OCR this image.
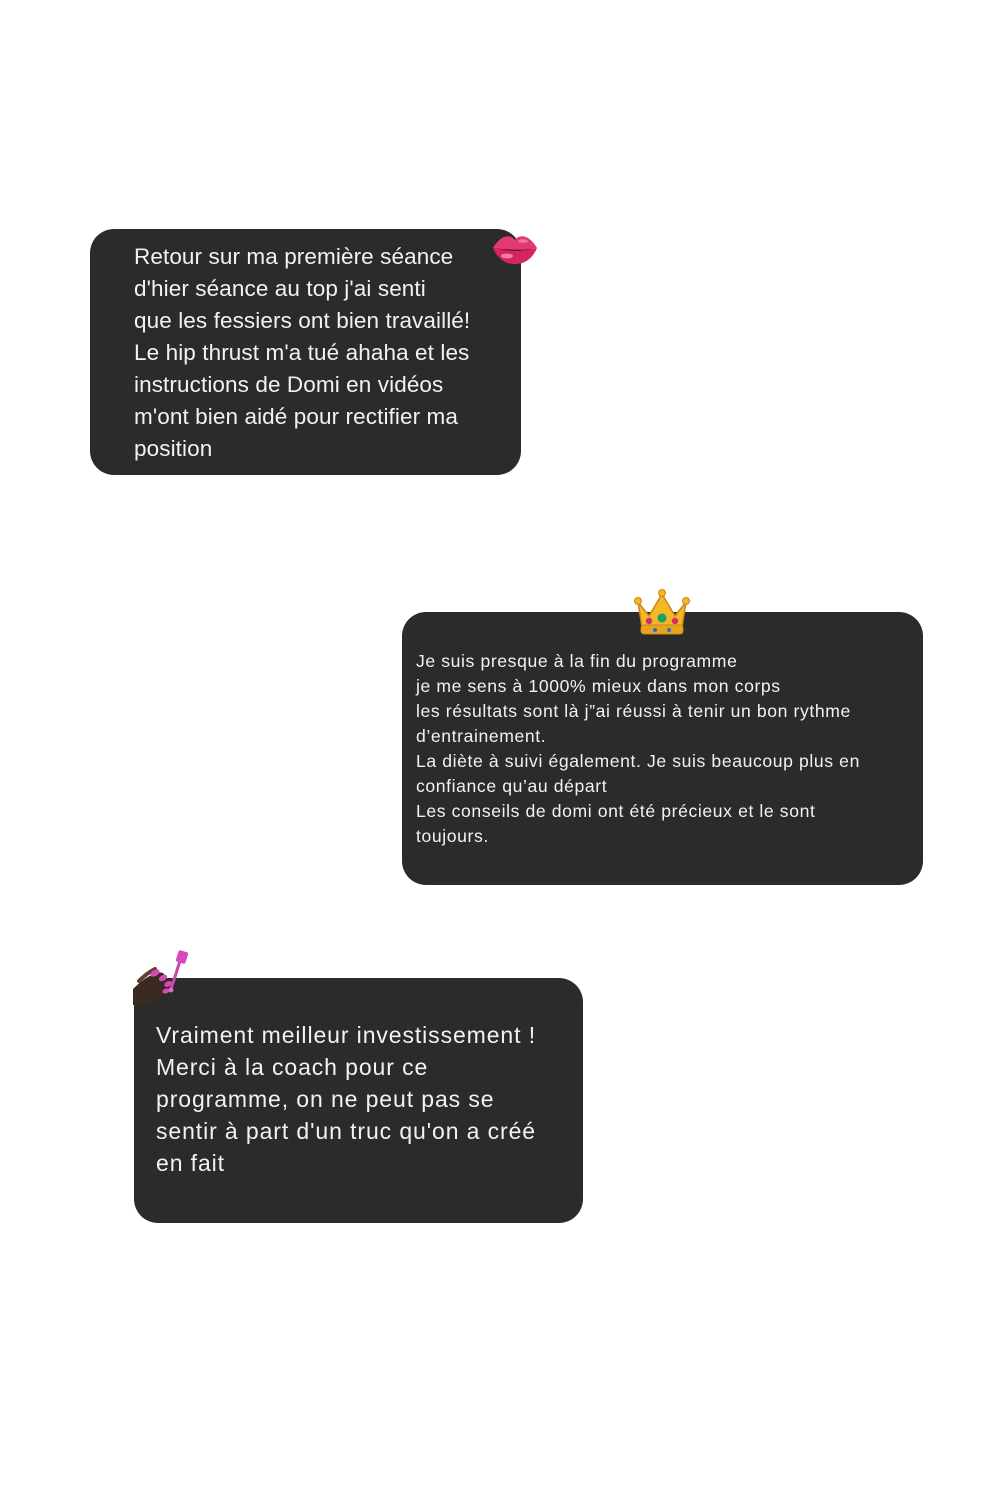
Retour sur ma première séance
d'hier séance au top j'ai senti
que les fessiers ont bien travaillé!
Le hip thrust m'a tué ahaha et les
instructions de Domi en vidéos
m'ont bien aidé pour rectifier ma
position

Je suis presque à la fin du programme
je me sens à 1000% mieux dans mon corps
les résultats sont là j”ai réussi à tenir un bon rythme
d’entrainement.
La diète à suivi également. Je suis beaucoup plus en
confiance qu’au départ
Les conseils de domi ont été précieux et le sont
toujours.

Vraiment meilleur investissement !
Merci à la coach pour ce
programme, on ne peut pas se
sentir à part d'un truc qu'on a créé
en fait
